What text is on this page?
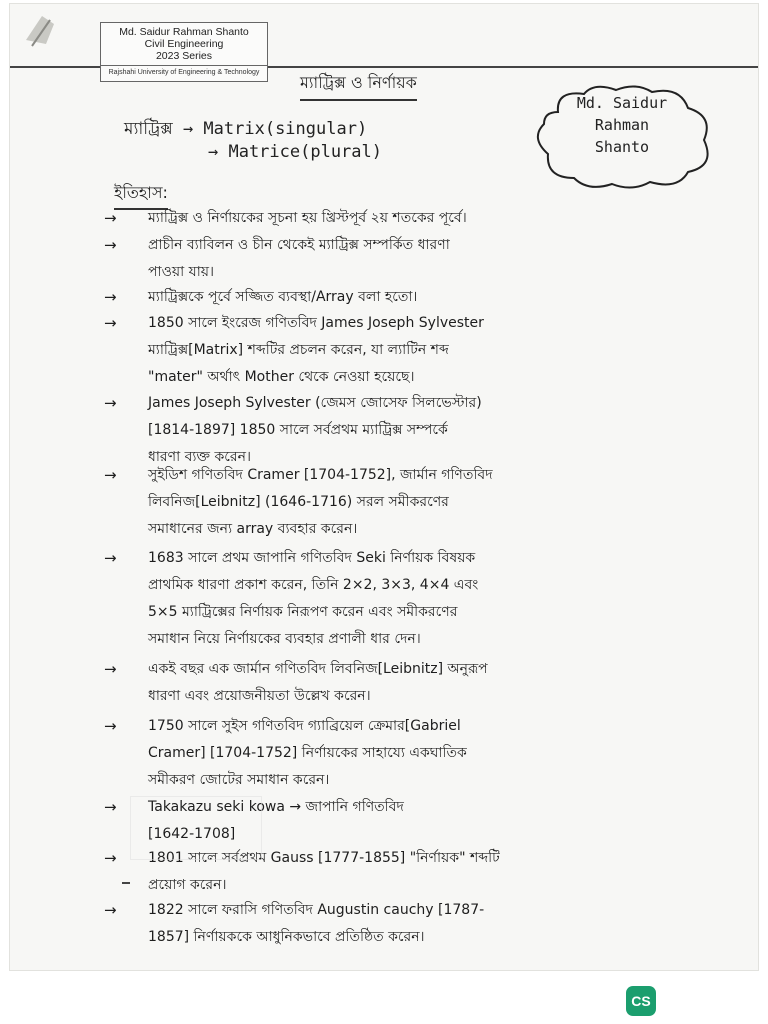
Md. Saidur Rahman Shanto
Civil Engineering
2023 Series
Rajshahi University of Engineering & Technology
ম্যাট্রিক্স ও নির্ণায়ক
Md. Saidur
Rahman
Shanto
ম্যাট্রিক্স → Matrix(singular)
→ Matrice(plural)
ইতিহাস:
→	ম্যাট্রিক্স ও নির্ণায়কের সূচনা হয় খ্রিস্টপূর্ব ২য় শতকের পূর্বে।
→	প্রাচীন ব্যাবিলন ও চীন থেকেই ম্যাট্রিক্স সম্পর্কিত ধারণা
পাওয়া যায়।
→	ম্যাট্রিক্সকে পূর্বে সজ্জিত ব্যবস্থা/Array বলা হতো।
→	1850 সালে ইংরেজ গণিতবিদ James Joseph Sylvester
ম্যাট্রিক্স[Matrix] শব্দটির প্রচলন করেন, যা ল্যাটিন শব্দ
"mater" অর্থাৎ Mother থেকে নেওয়া হয়েছে।
→	James Joseph Sylvester (জেমস জোসেফ সিলভেস্টার)
[1814-1897] 1850 সালে সর্বপ্রথম ম্যাট্রিক্স সম্পর্কে
ধারণা ব্যক্ত করেন।
→	সুইডিশ গণিতবিদ Cramer [1704-1752], জার্মান গণিতবিদ
লিবনিজ[Leibnitz] (1646-1716) সরল সমীকরণের
সমাধানের জন্য array ব্যবহার করেন।
→	1683 সালে প্রথম জাপানি গণিতবিদ Seki নির্ণায়ক বিষয়ক
প্রাথমিক ধারণা প্রকাশ করেন, তিনি 2×2, 3×3, 4×4 এবং
5×5 ম্যাট্রিক্সের নির্ণায়ক নিরূপণ করেন এবং সমীকরণের
সমাধান নিয়ে নির্ণায়কের ব্যবহার প্রণালী ধার দেন।
→	একই বছর এক জার্মান গণিতবিদ লিবনিজ[Leibnitz] অনুরূপ
ধারণা এবং প্রয়োজনীয়তা উল্লেখ করেন।
→	1750 সালে সুইস গণিতবিদ গ্যাব্রিয়েল ক্রেমার[Gabriel
Cramer] [1704-1752] নির্ণায়কের সাহায্যে একঘাতিক
সমীকরণ জোটের সমাধান করেন।
→	Takakazu seki kowa → জাপানি গণিতবিদ
[1642-1708]
→	1801 সালে সর্বপ্রথম Gauss [1777-1855] "নির্ণায়ক" শব্দটি
প্রয়োগ করেন।
→	1822 সালে ফরাসি গণিতবিদ Augustin cauchy [1787-
1857] নির্ণায়ককে আধুনিকভাবে প্রতিষ্ঠিত করেন।
CS
